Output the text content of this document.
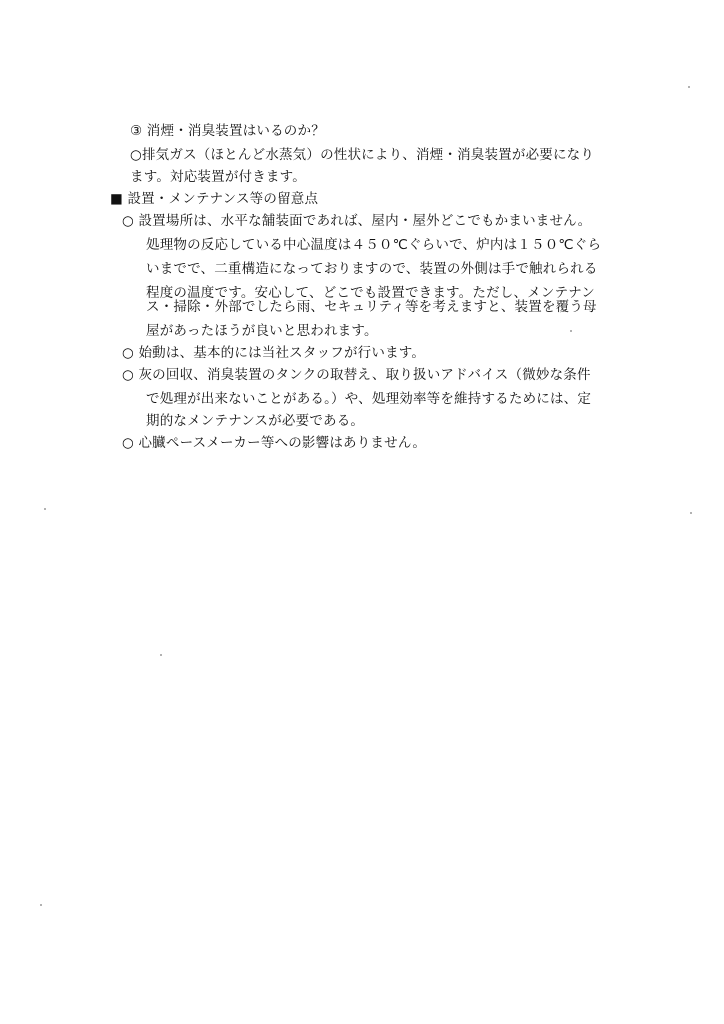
③ 消煙・消臭装置はいるのか？
○排気ガス（ほとんど水蒸気）の性状により、消煙・消臭装置が必要になり
ます。対応装置が付きます。
■ 設置・メンテナンス等の留意点
○ 設置場所は、水平な舗装面であれば、屋内・屋外どこでもかまいません。
処理物の反応している中心温度は４５０℃ぐらいで、炉内は１５０℃ぐら
いまでで、二重構造になっておりますので、装置の外側は手で触れられる
程度の温度です。安心して、どこでも設置できます。ただし、メンテナン
ス・掃除・外部でしたら雨、セキュリティ等を考えますと、装置を覆う母
屋があったほうが良いと思われます。
○ 始動は、基本的には当社スタッフが行います。
○ 灰の回収、消臭装置のタンクの取替え、取り扱いアドバイス（微妙な条件
で処理が出来ないことがある。）や、処理効率等を維持するためには、定
期的なメンテナンスが必要である。
○ 心臓ペースメーカー等への影響はありません。
